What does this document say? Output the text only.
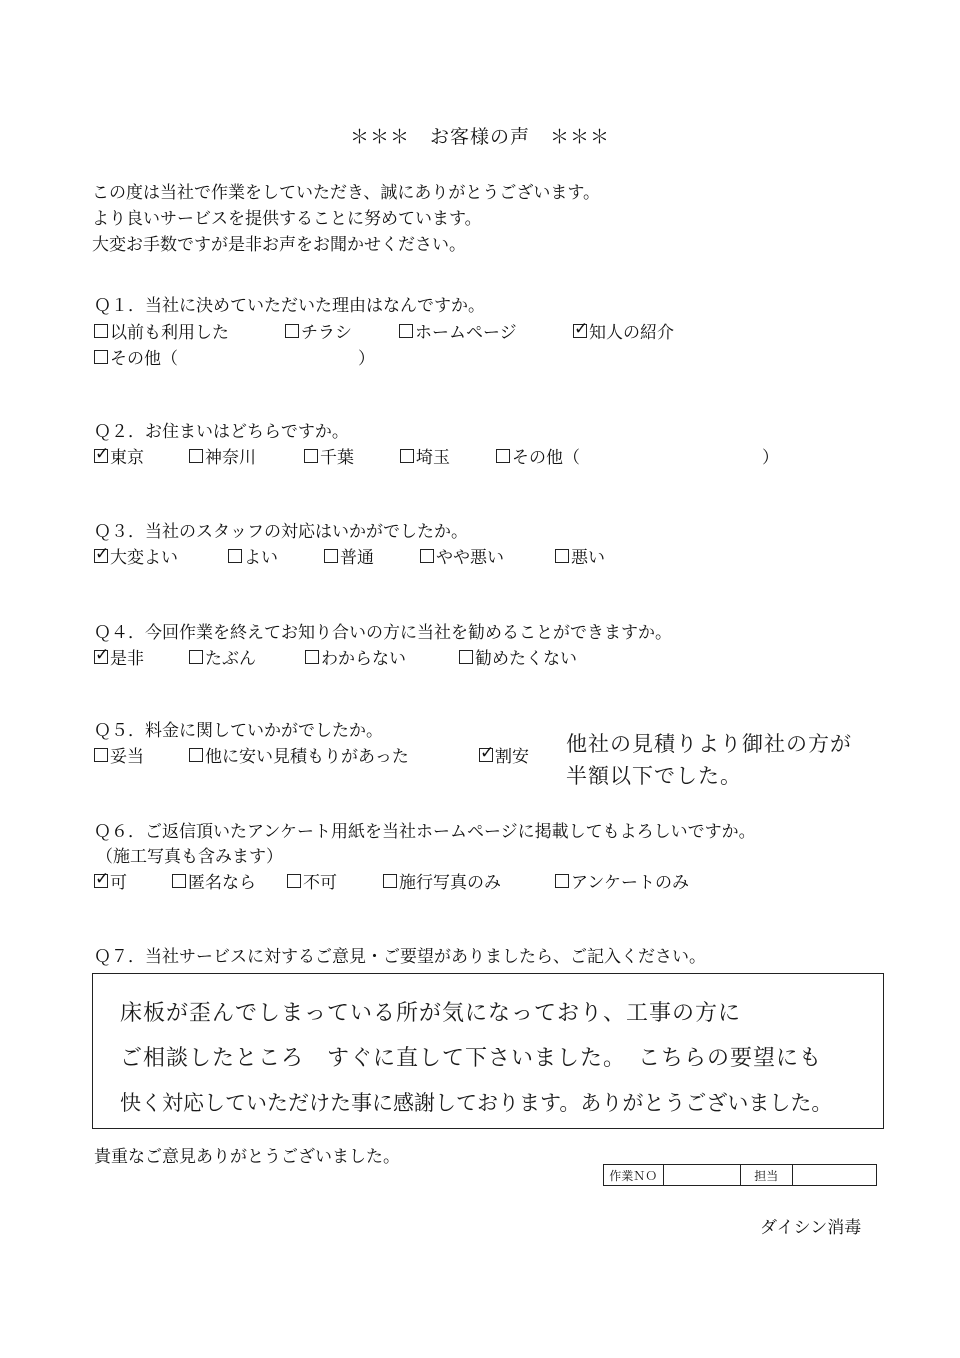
＊＊＊　お客様の声　＊＊＊
この度は当社で作業をしていただき、誠にありがとうございます。
より良いサービスを提供することに努めています。
大変お手数ですが是非お声をお聞かせください。
Ｑ１．当社に決めていただいた理由はなんですか。
以前も利用した	チラシ	ホームページ ✓	知人の紹介
その他（	）
Ｑ２．お住まいはどちらですか。
✓
東京	神奈川	千葉	埼玉	その他（	）
Ｑ３．当社のスタッフの対応はいかがでしたか。
✓
大変よい	よい	普通	やや悪い	悪い
Ｑ４．今回作業を終えてお知り合いの方に当社を勧めることができますか。
✓
是非	たぶん	わからない	勧めたくない
Ｑ５．料金に関していかがでしたか。
妥当	他に安い見積もりがあった ✓	割安
他社の見積りより御社の方が
半額以下でした。
Ｑ６．ご返信頂いたアンケート用紙を当社ホームページに掲載してもよろしいですか。
（施工写真も含みます）
✓
可	匿名なら	不可	施行写真のみ	アンケートのみ
Ｑ７．当社サービスに対するご意見・ご要望がありましたら、ご記入ください。
床板が歪んでしまっている所が気になっており、工事の方に
ご相談したところ　すぐに直して下さいました。　こちらの要望にも
快く対応していただけた事に感謝しております。ありがとうございました。
貴重なご意見ありがとうございました。
作業ＮＯ	担当
ダイシン消毒
